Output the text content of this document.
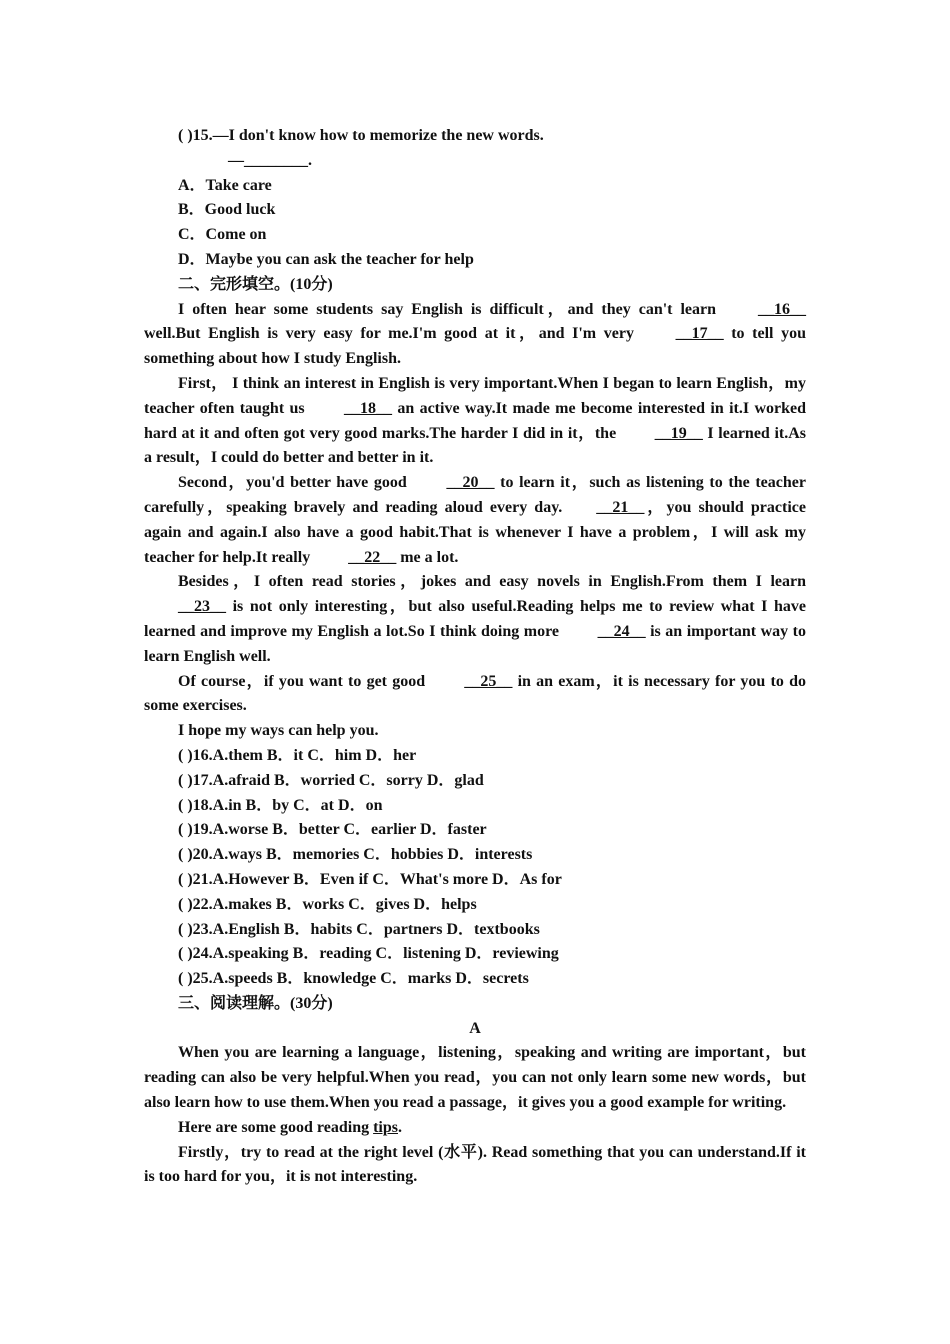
( )15.—I don't know how to memorize the new words.
—________.
A．Take care
B．Good luck
C．Come on
D．Maybe you can ask the teacher for help
二、完形填空。(10分)
I often hear some students say English is difficult，and they can't learn __16__ well.But English is very easy for me.I'm good at it，and I'm very __17__ to tell you something about how I study English.
First， I think an interest in English is very important.When I began to learn English，my teacher often taught us __18__ an active way.It made me become interested in it.I worked hard at it and often got very good marks.The harder I did in it，the __19__ I learned it.As a result，I could do better and better in it.
Second，you'd better have good __20__ to learn it，such as listening to the teacher carefully，speaking bravely and reading aloud every day. __21__，you should practice again and again.I also have a good habit.That is whenever I have a problem，I will ask my teacher for help.It really __22__ me a lot.
Besides，I often read stories，jokes and easy novels in English.From them I learn __23__ is not only interesting，but also useful.Reading helps me to review what I have learned and improve my English a lot.So I think doing more __24__ is an important way to learn English well.
Of course，if you want to get good __25__ in an exam，it is necessary for you to do some exercises.
I hope my ways can help you.
( )16.A.them B．it C．him D．her
( )17.A.afraid B．worried C．sorry D．glad
( )18.A.in B．by C．at D．on
( )19.A.worse B．better C．earlier D．faster
( )20.A.ways B．memories C．hobbies D．interests
( )21.A.However B．Even if C．What's more D．As for
( )22.A.makes B．works C．gives D．helps
( )23.A.English B．habits C．partners D．textbooks
( )24.A.speaking B．reading C．listening D．reviewing
( )25.A.speeds B．knowledge C．marks D．secrets
三、阅读理解。(30分)
A
When you are learning a language，listening，speaking and writing are important，but reading can also be very helpful.When you read，you can not only learn some new words，but also learn how to use them.When you read a passage，it gives you a good example for writing.
Here are some good reading tips.
Firstly，try to read at the right level (水平). Read something that you can understand.If it is too hard for you，it is not interesting.
